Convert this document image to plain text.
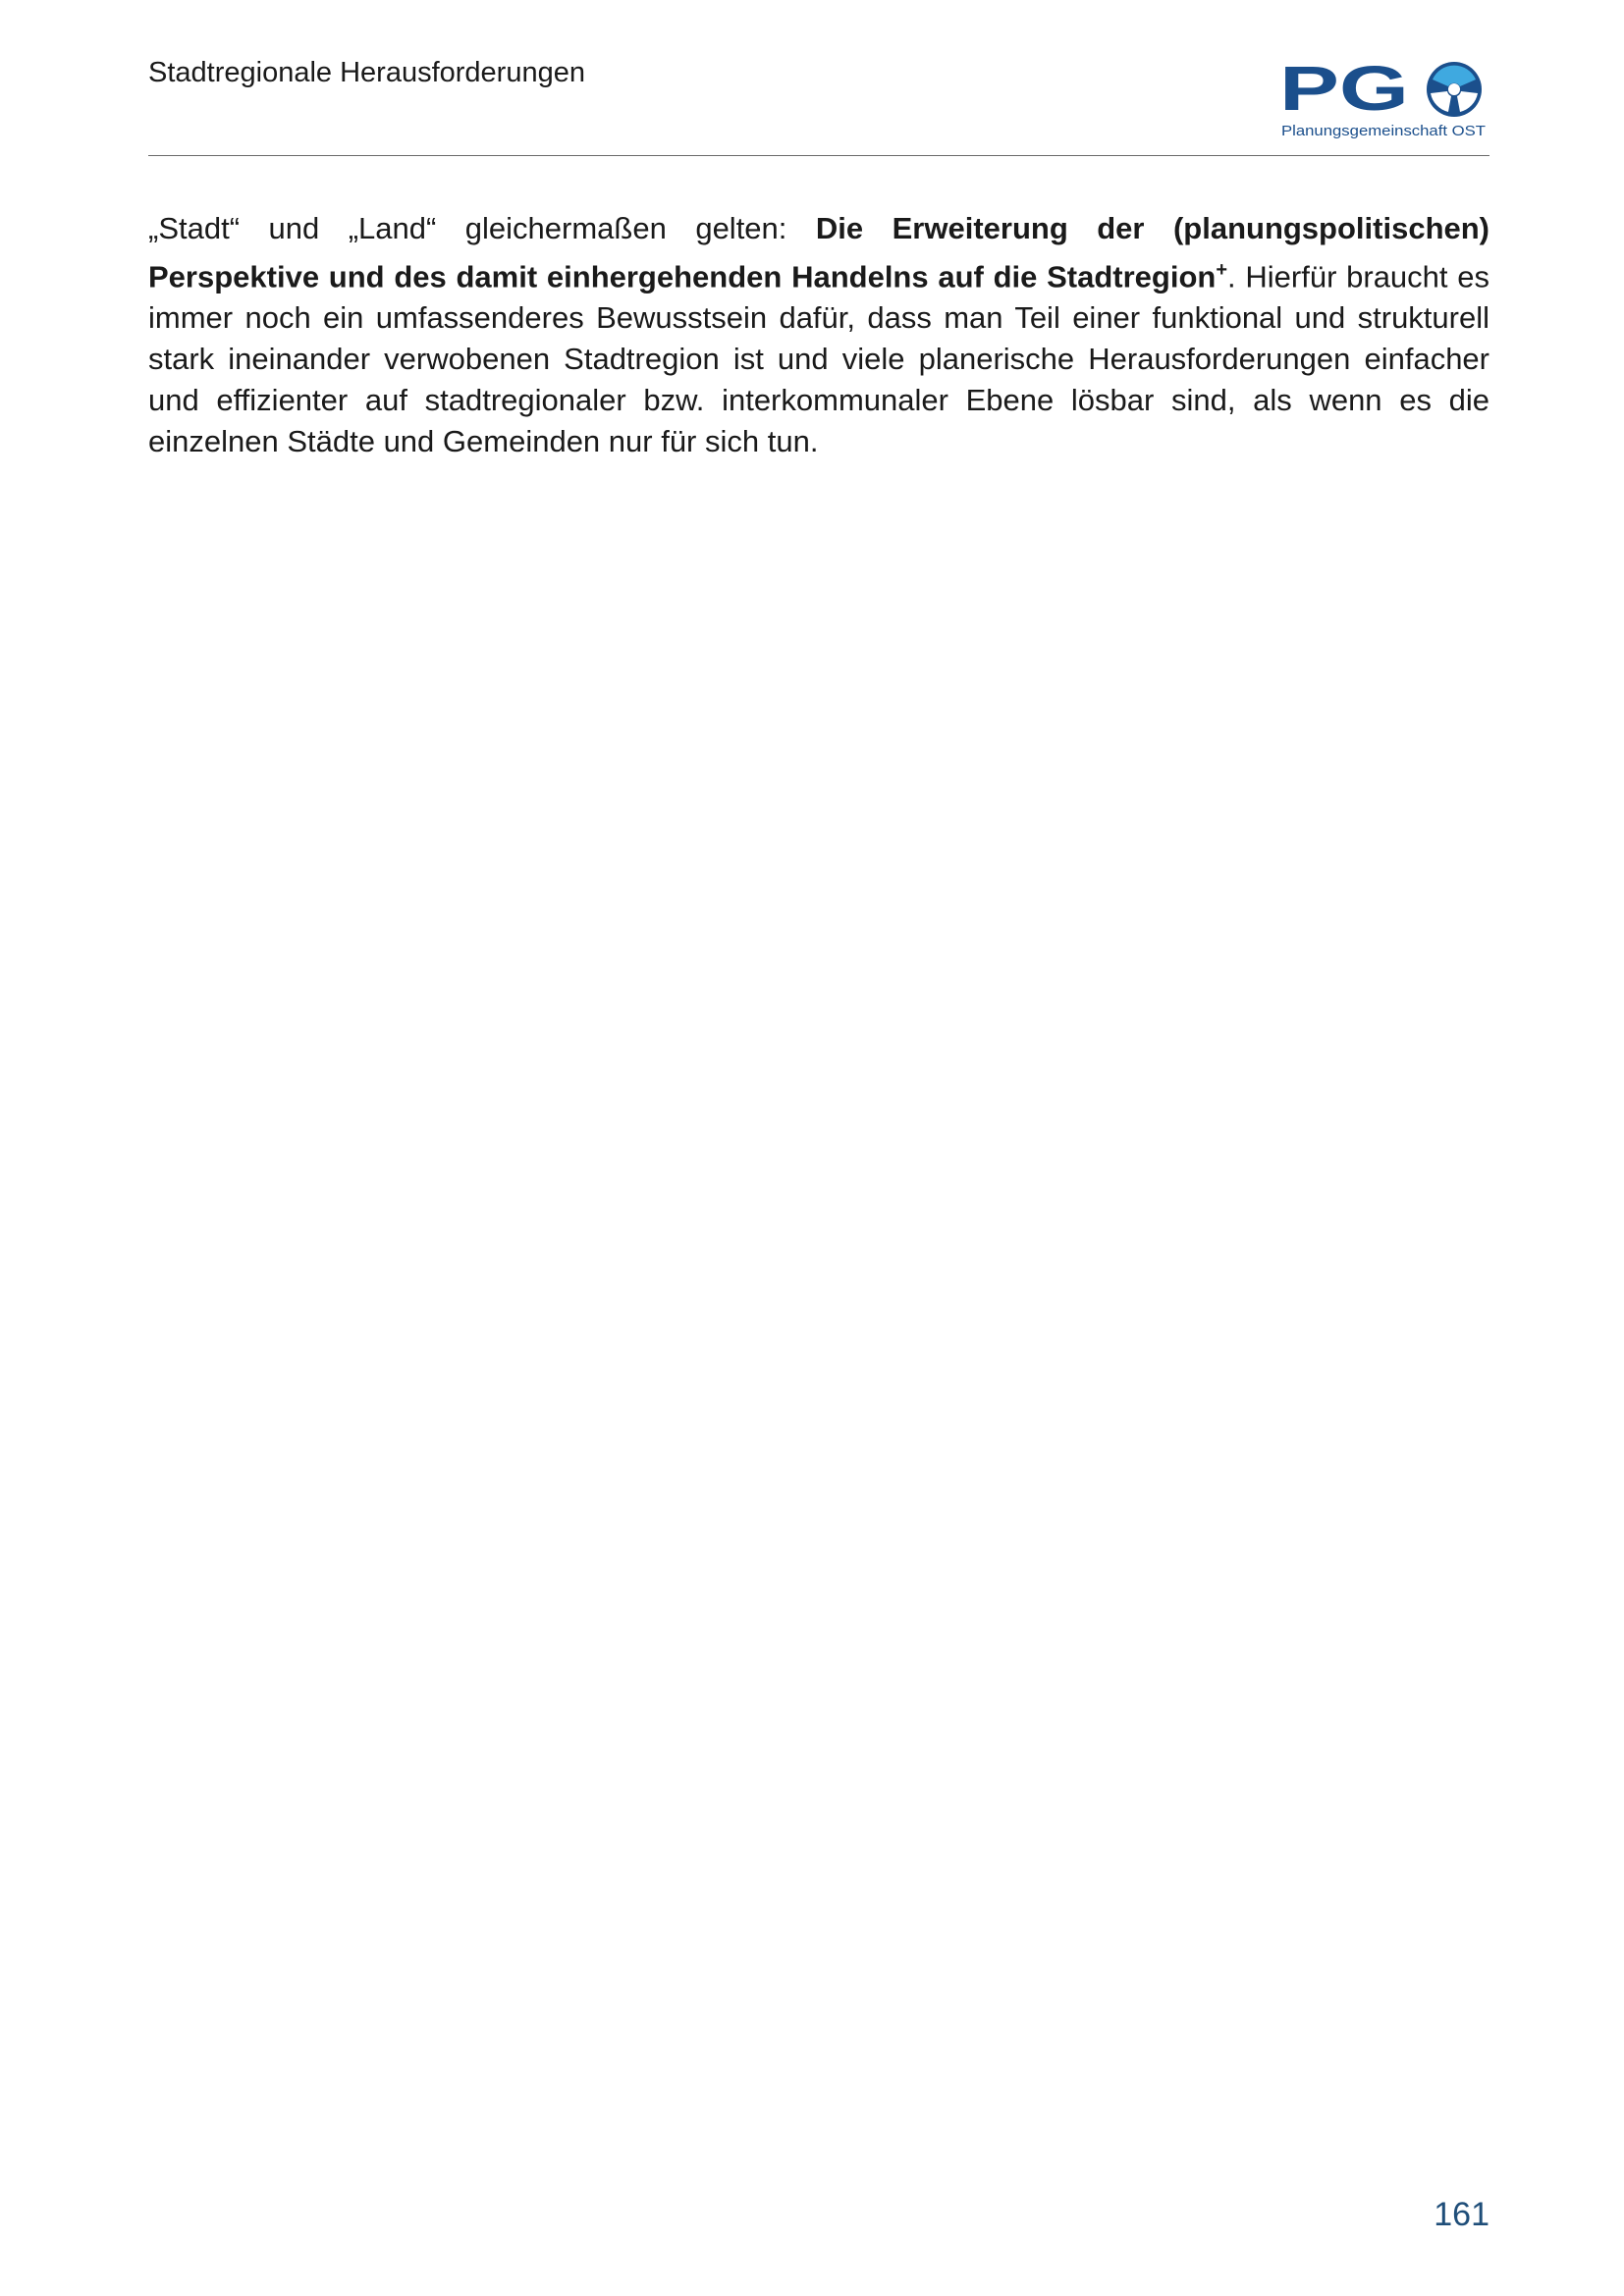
Stadtregionale Herausforderungen	PG
Planungsgemeinschaft OST
„Stadt“ und „Land“ gleichermaßen gelten: Die Erweiterung der (planungspolitischen) Perspektive und des damit einhergehenden Handelns auf die Stadtregion+. Hierfür braucht es immer noch ein umfassenderes Bewusstsein dafür, dass man Teil einer funktional und strukturell stark ineinander verwobenen Stadtregion ist und viele planerische Herausforderungen einfacher und effizienter auf stadtregionaler bzw. interkommunaler Ebene lösbar sind, als wenn es die einzelnen Städte und Gemeinden nur für sich tun.
161
